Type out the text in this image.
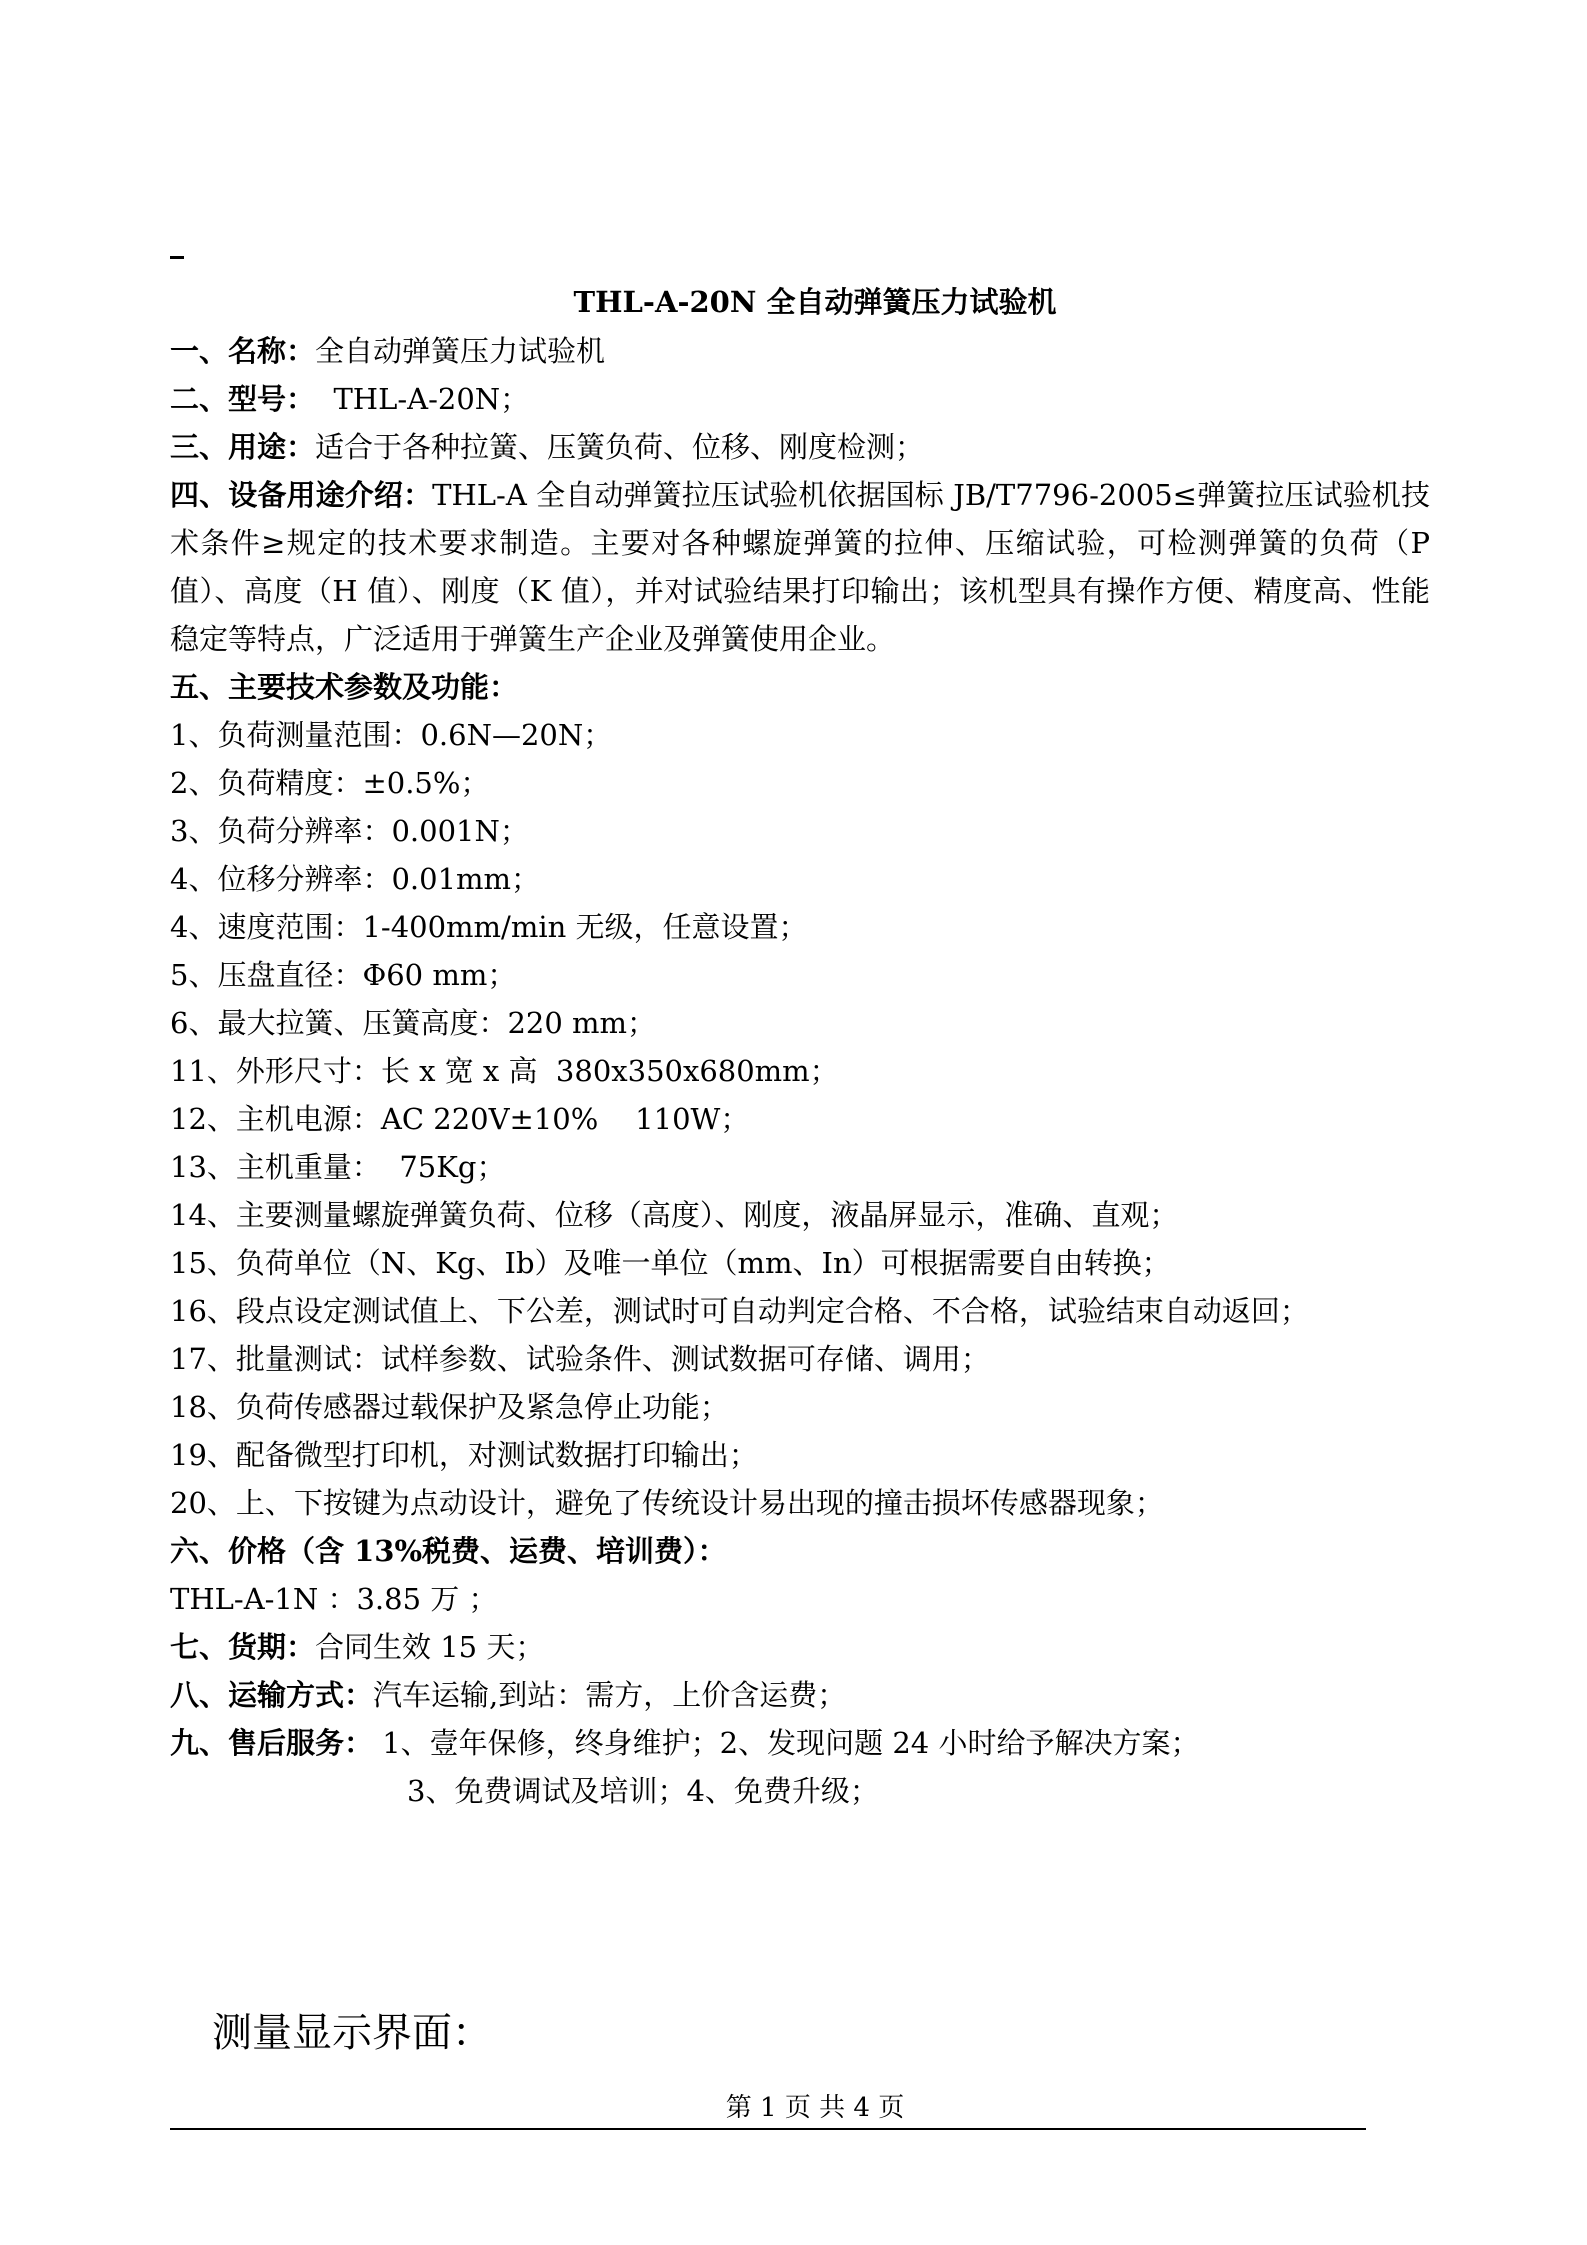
THL-A-20N 全自动弹簧压力试验机
一、名称：全自动弹簧压力试验机
二、型号：  THL-A-20N；
三、用途：适合于各种拉簧、压簧负荷、位移、刚度检测；
四、设备用途介绍：THL-A 全自动弹簧拉压试验机依据国标 JB/T7796-2005≤弹簧拉压试验机技术条件≥规定的技术要求制造。主要对各种螺旋弹簧的拉伸、压缩试验，可检测弹簧的负荷（P 值）、高度（H 值）、刚度（K 值），并对试验结果打印输出；该机型具有操作方便、精度高、性能稳定等特点，广泛适用于弹簧生产企业及弹簧使用企业。
五、主要技术参数及功能：
1、负荷测量范围：0.6N—20N；
2、负荷精度：±0.5%；
3、负荷分辨率：0.001N；
4、位移分辨率：0.01mm；
4、速度范围：1-400mm/min 无级，任意设置；
5、压盘直径：Φ60 mm；
6、最大拉簧、压簧高度：220 mm；
11、外形尺寸：长 x 宽 x 高  380x350x680mm；
12、主机电源：AC 220V±10%    110W；
13、主机重量：  75Kg；
14、主要测量螺旋弹簧负荷、位移（高度）、刚度，液晶屏显示，准确、直观；
15、负荷单位（N、Kg、Ib）及唯一单位（mm、In）可根据需要自由转换；
16、段点设定测试值上、下公差，测试时可自动判定合格、不合格，试验结束自动返回；
17、批量测试：试样参数、试验条件、测试数据可存储、调用；
18、负荷传感器过载保护及紧急停止功能；
19、配备微型打印机，对测试数据打印输出；
20、上、下按键为点动设计，避免了传统设计易出现的撞击损坏传感器现象；
六、价格（含 13%税费、运费、培训费）：
THL-A-1N ：3.85 万 ；
七、货期：合同生效 15 天；
八、运输方式：汽车运输,到站：需方，上价含运费；
九、售后服务： 1、壹年保修，终身维护；2、发现问题 24 小时给予解决方案；
3、免费调试及培训；4、免费升级；
测量显示界面：
第 1 页 共 4 页
